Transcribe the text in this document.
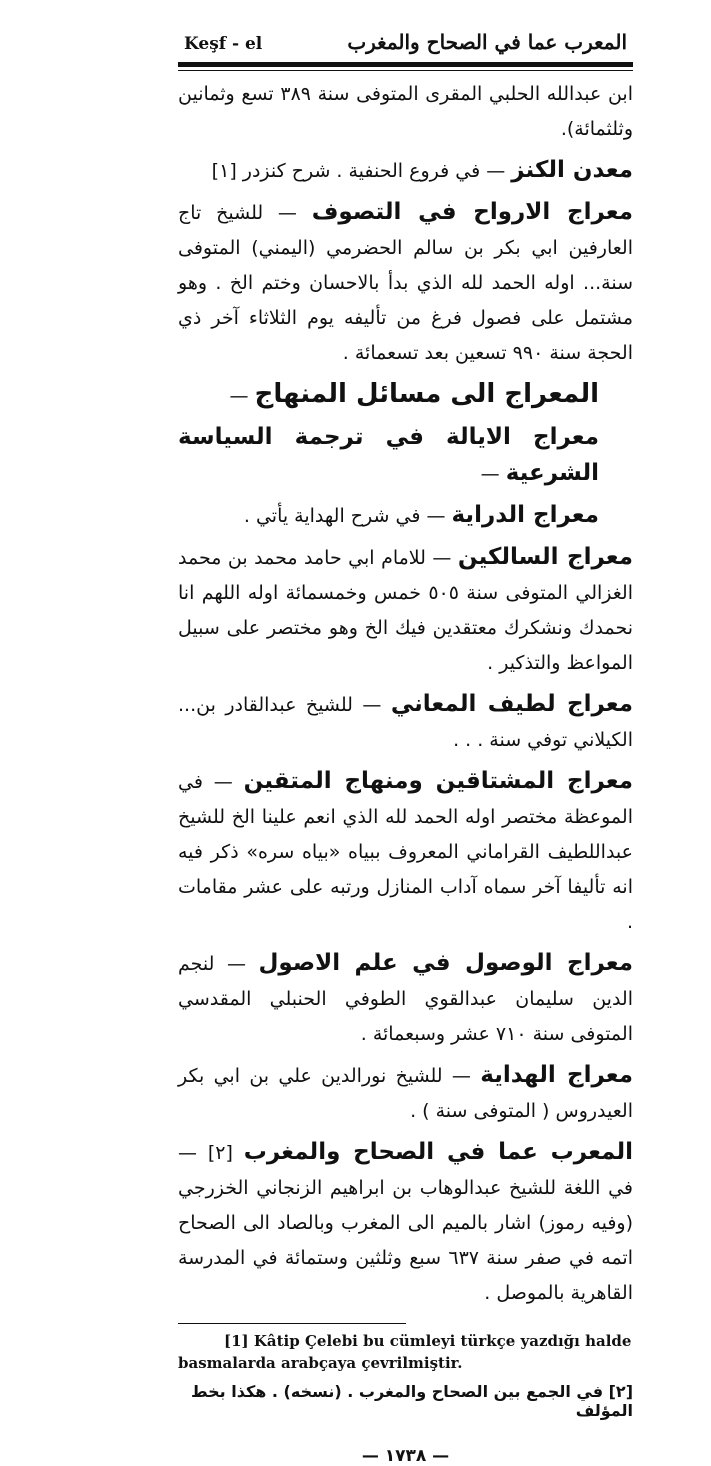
Keşf - el	المعرب عما في الصحاح والمغرب

ابن عبدالله الحلبي المقرى المتوفى سنة ٣٨٩ تسع وثمانين وثلثمائة).

معدن الكنز — في فروع الحنفية . شرح كنزدر [١]

معراج الارواح في التصوف — للشيخ تاج العارفين ابي بكر بن سالم الحضرمي (اليمني) المتوفى سنة... اوله الحمد لله الذي بدأ بالاحسان وختم الخ . وهو مشتمل على فصول فرغ من تأليفه يوم الثلاثاء آخر ذي الحجة سنة ٩٩٠ تسعين بعد تسعمائة .

المعراج الى مسائل المنهاج —

معراج الايالة في ترجمة السياسة الشرعية —

معراج الدراية — في شرح الهداية يأتي .

معراج السالكين — للامام ابي حامد محمد بن محمد الغزالي المتوفى سنة ٥٠٥ خمس وخمسمائة اوله اللهم انا نحمدك ونشكرك معتقدين فيك الخ وهو مختصر على سبيل المواعظ والتذكير .

معراج لطيف المعاني — للشيخ عبدالقادر بن... الكيلاني توفي سنة . . .

معراج المشتاقين ومنهاج المتقين — في الموعظة مختصر اوله الحمد لله الذي انعم علينا الخ للشيخ عبداللطيف القراماني المعروف ببياه «بياه سره» ذكر فيه انه تأليفا آخر سماه آداب المنازل ورتبه على عشر مقامات .

معراج الوصول في علم الاصول — لنجم الدين سليمان عبدالقوي الطوفي الحنبلي المقدسي المتوفى سنة ٧١٠ عشر وسبعمائة .

معراج الهداية — للشيخ نورالدين علي بن ابي بكر العيدروس ( المتوفى سنة ) .

المعرب عما في الصحاح والمغرب [٢] — في اللغة للشيخ عبدالوهاب بن ابراهيم الزنجاني الخزرجي (وفيه رموز) اشار بالميم الى المغرب وبالصاد الى الصحاح اتمه في صفر سنة ٦٣٧ سبع وثلثين وستمائة في المدرسة القاهرية بالموصل .

[1] Kâtip Çelebi bu cümleyi türkçe yazdığı halde
basmalarda arabçaya çevrilmiştir.
[٢] في الجمع بين الصحاح والمغرب . (نسخه) . هكذا بخط المؤلف
— ١٧٣٨ —
